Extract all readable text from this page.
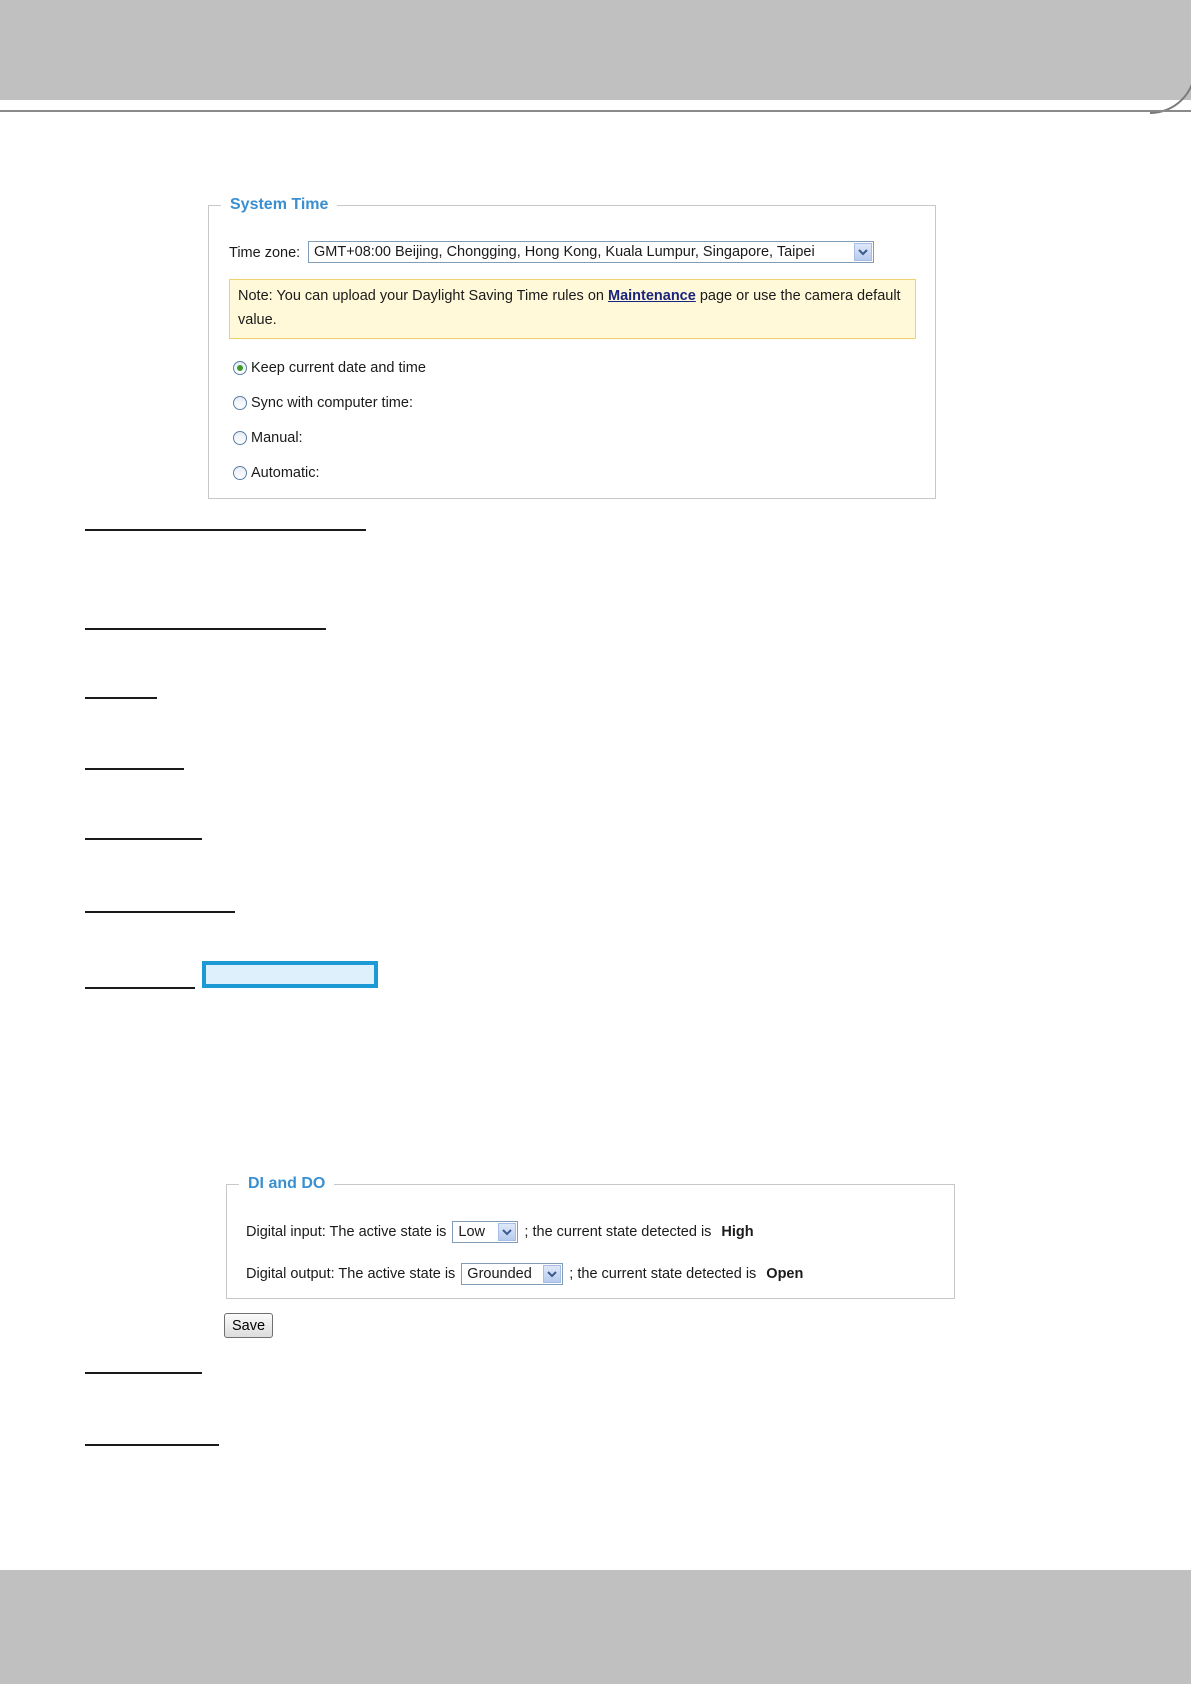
System Time
Time zone: GMT+08:00 Beijing, Chongging, Hong Kong, Kuala Lumpur, Singapore, Taipei
Note: You can upload your Daylight Saving Time rules on Maintenance page or use the camera default value.
Keep current date and time
Sync with computer time:
Manual:
Automatic:
DI and DO
Digital input: The active state is Low	; the current state detected is High
Digital output: The active state is Grounded	; the current state detected is Open
Save
